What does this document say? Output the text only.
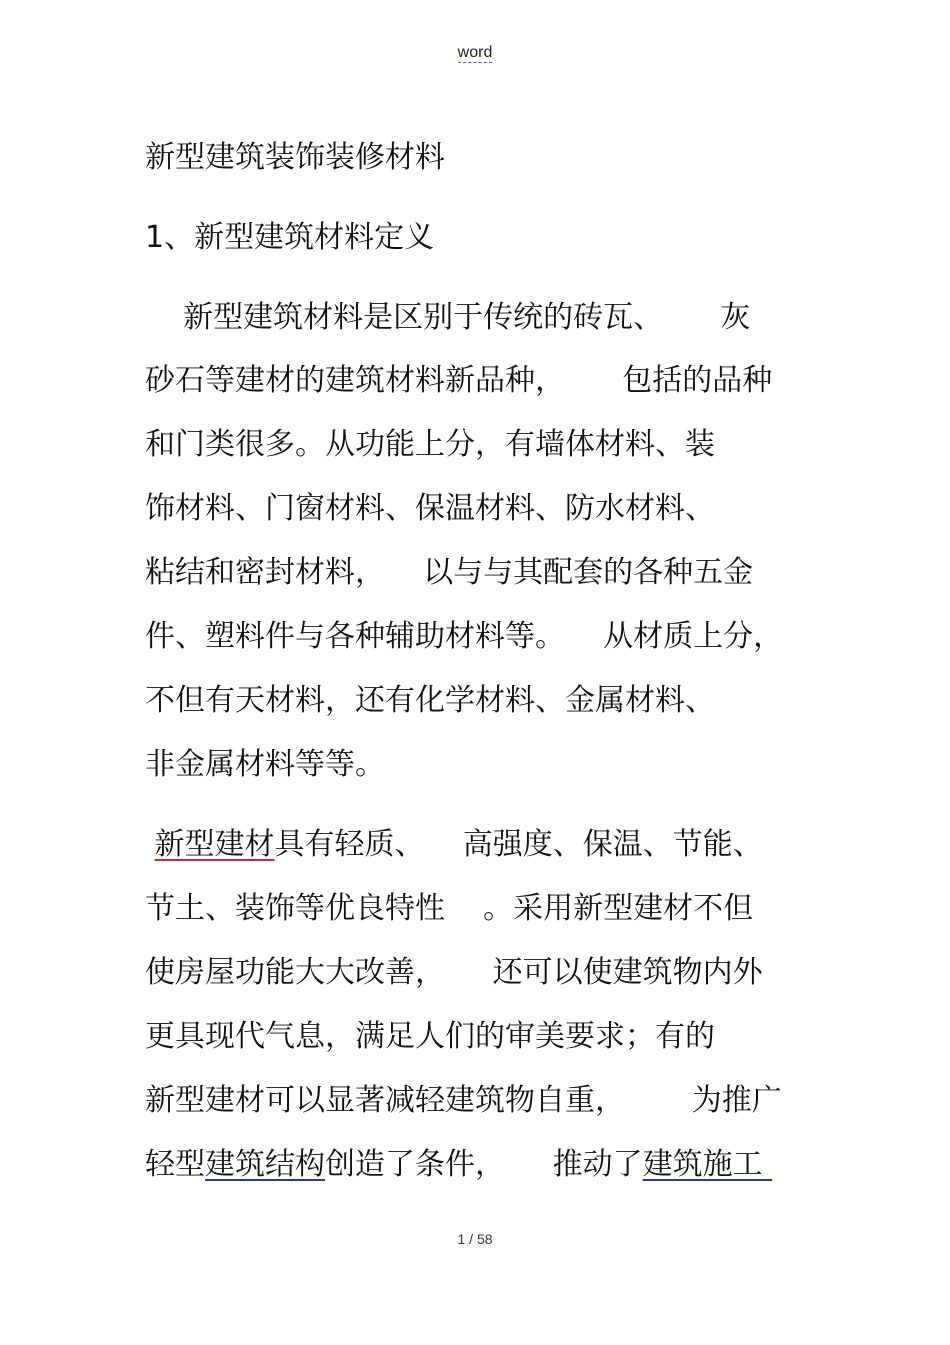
word
新型建筑装饰装修材料
1、新型建筑材料定义
新型建筑材料是区别于传统的砖瓦、      灰
砂石等建材的建筑材料新品种，      包括的品种
和门类很多。从功能上分，有墙体材料、装
饰材料、门窗材料、保温材料、防水材料、
粘结和密封材料，    以与与其配套的各种五金
件、塑料件与各种辅助材料等。    从材质上分，
不但有天材料，还有化学材料、金属材料、
非金属材料等等。
新型建材具有轻质、    高强度、保温、节能、
节土、装饰等优良特性    。采用新型建材不但
使房屋功能大大改善，     还可以使建筑物内外
更具现代气息，满足人们的审美要求；有的
新型建材可以显著减轻建筑物自重，       为推广
轻型建筑结构创造了条件，     推动了建筑施工
1 / 58
